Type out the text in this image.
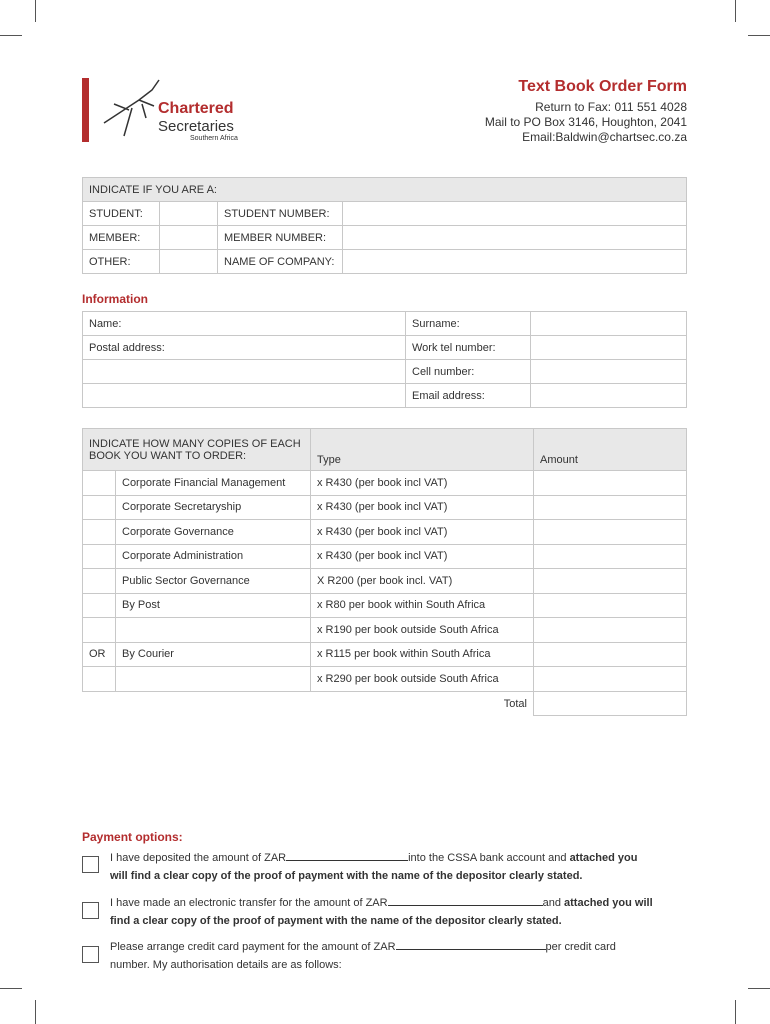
Chartered
Secretaries
Southern Africa
Text Book Order Form
Return to Fax: 011 551 4028
Mail to PO Box 3146, Houghton, 2041
Email:Baldwin@chartsec.co.za
INDICATE IF YOU ARE A:			
STUDENT:		STUDENT NUMBER:	
MEMBER:		MEMBER NUMBER:	
OTHER:		NAME OF COMPANY:	
Information
Name:	Surname:	
Postal address:	Work tel number:	
	Cell number:	
	Email address:	
INDICATE HOW MANY COPIES OF EACH BOOK YOU WANT TO ORDER:		Type	Amount
	Corporate Financial Management	x R430 (per book incl VAT)	
	Corporate Secretaryship	x R430 (per book incl VAT)	
	Corporate Governance	x R430 (per book incl VAT)	
	Corporate Administration	x R430 (per book incl VAT)	
	Public Sector Governance	X R200 (per book incl. VAT)	
	By Post	x R80 per book within South Africa	
		x R190 per book outside South Africa	
OR	By Courier	x R115 per book within South Africa	
		x R290 per book outside South Africa	
Total			
Payment options:
I have deposited the amount of ZAR	into the CSSA bank account and attached you
will find a clear copy of the proof of payment with the name of the depositor clearly stated.
I have made an electronic transfer for the amount of ZAR	and attached you will
find a clear copy of the proof of payment with the name of the depositor clearly stated.
Please arrange credit card payment for the amount of ZAR	per credit card
number. My authorisation details are as follows:
